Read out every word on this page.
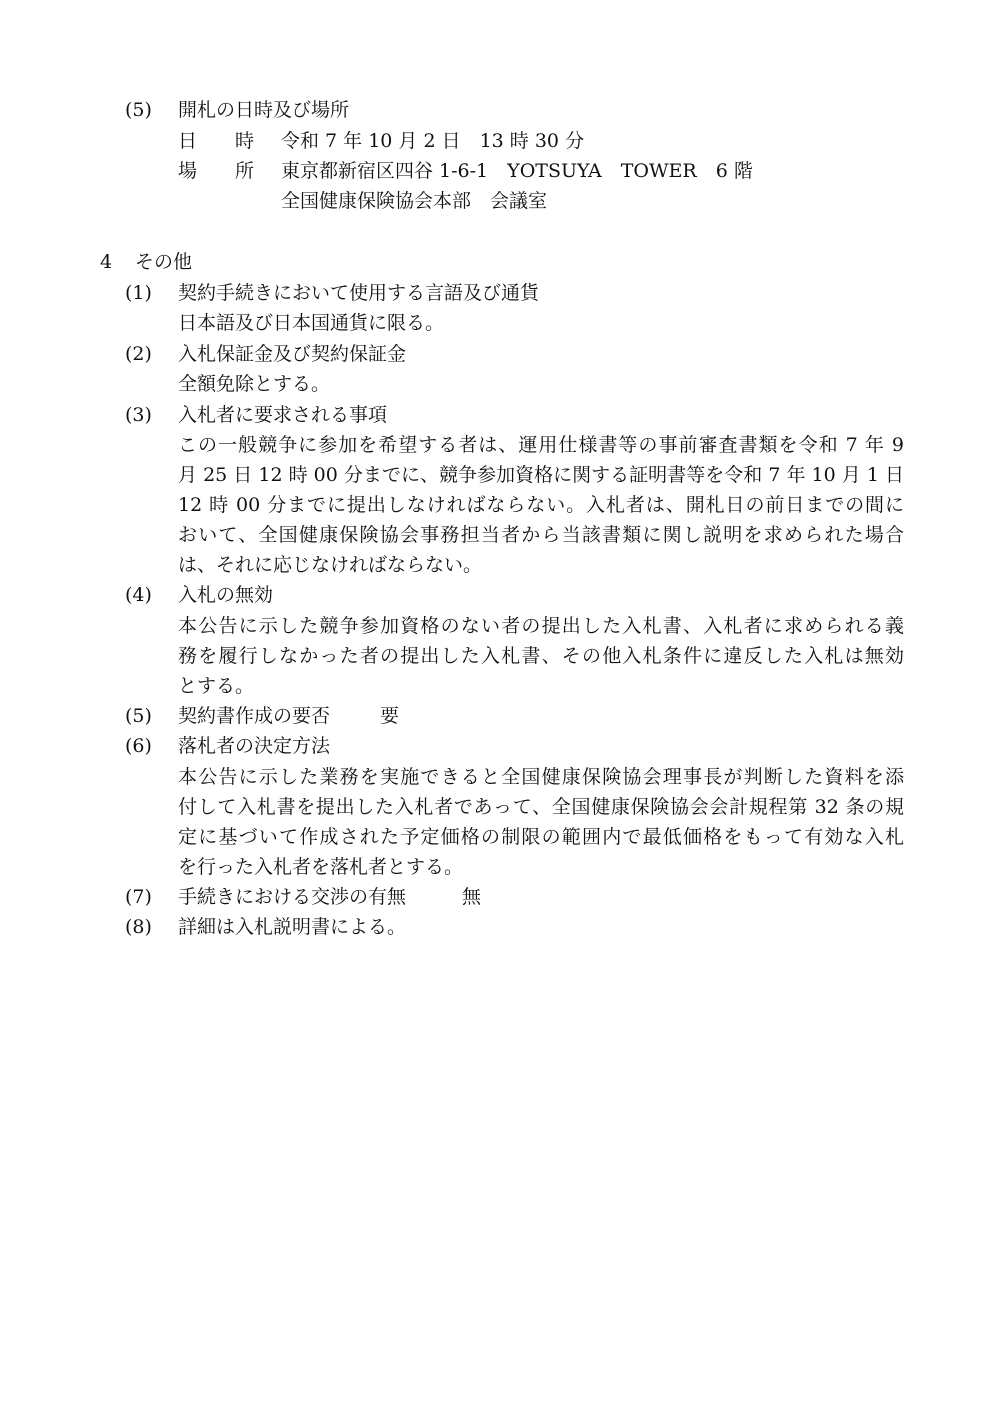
(5) 開札の日時及び場所
日　　時 令和 7 年 10 月 2 日　13 時 30 分
場　　所 東京都新宿区四谷 1-6-1　YOTSUYA　TOWER　6 階
全国健康保険協会本部　会議室
4 その他
(1) 契約手続きにおいて使用する言語及び通貨
日本語及び日本国通貨に限る。
(2) 入札保証金及び契約保証金
全額免除とする。
(3) 入札者に要求される事項
この一般競争に参加を希望する者は、運用仕様書等の事前審査書類を令和 7 年 9
月 25 日 12 時 00 分までに、競争参加資格に関する証明書等を令和 7 年 10 月 1 日
12 時 00 分までに提出しなければならない。入札者は、開札日の前日までの間に
おいて、全国健康保険協会事務担当者から当該書類に関し説明を求められた場合
は、それに応じなければならない。
(4) 入札の無効
本公告に示した競争参加資格のない者の提出した入札書、入札者に求められる義
務を履行しなかった者の提出した入札書、その他入札条件に違反した入札は無効
とする。
(5) 契約書作成の要否	要
(6) 落札者の決定方法
本公告に示した業務を実施できると全国健康保険協会理事長が判断した資料を添
付して入札書を提出した入札者であって、全国健康保険協会会計規程第 32 条の規
定に基づいて作成された予定価格の制限の範囲内で最低価格をもって有効な入札
を行った入札者を落札者とする。
(7) 手続きにおける交渉の有無	無
(8) 詳細は入札説明書による。
